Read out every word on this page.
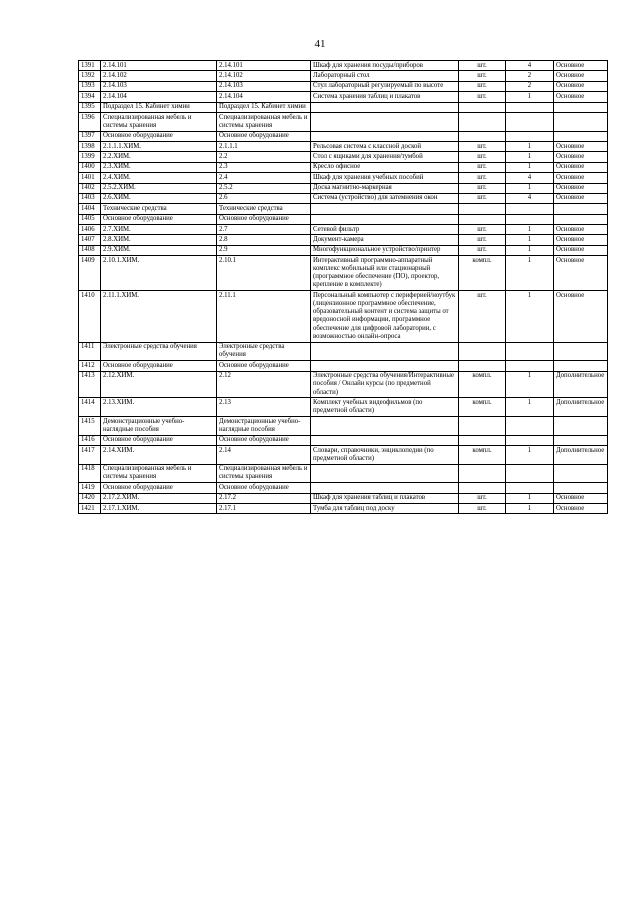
41
1391	2.14.101	2.14.101	Шкаф для хранения посуды/приборов	шт.	4	Основное
1392	2.14.102	2.14.102	Лабораторный стол	шт.	2	Основное
1393	2.14.103	2.14.103	Стул лабораторный регулируемый по высоте	шт.	2	Основное
1394	2.14.104	2.14.104	Система хранения таблиц и плакатов	шт.	1	Основное
1395	Подраздел 15. Кабинет химии	Подраздел 15. Кабинет химии				
1396	Специализированная мебель и системы хранения	Специализированная мебель и системы хранения				
1397	Основное оборудование	Основное оборудование				
1398	2.1.1.1.ХИМ.	2.1.1.1	Рельсовая система с классной доской	шт.	1	Основное
1399	2.2.ХИМ.	2.2	Стол с ящиками для хранения/тумбой	шт.	1	Основное
1400	2.3.ХИМ.	2.3	Кресло офисное	шт.	1	Основное
1401	2.4.ХИМ.	2.4	Шкаф для хранения учебных пособий	шт.	4	Основное
1402	2.5.2.ХИМ.	2.5.2	Доска магнитно-маркерная	шт.	1	Основное
1403	2.6.ХИМ.	2.6	Система (устройство) для затемнения окон	шт.	4	Основное
1404	Технические средства	Технические средства				
1405	Основное оборудование	Основное оборудование				
1406	2.7.ХИМ.	2.7	Сетевой фильтр	шт.	1	Основное
1407	2.8.ХИМ.	2.8	Документ-камера	шт.	1	Основное
1408	2.9.ХИМ.	2.9	Многофункциональное устройство/принтер	шт.	1	Основное
1409	2.10.1.ХИМ.	2.10.1	Интерактивный программно-аппаратный комплекс мобильный или стационарный (программное обеспечение (ПО), проектор, крепление в комплекте)	компл.	1	Основное
1410	2.11.1.ХИМ.	2.11.1	Персональный компьютер с периферией/ноутбук (лицензионное программное обеспечение, образовательный контент и система защиты от вредоносной информации, программное обеспечение для цифровой лаборатории, с возможностью онлайн-опроса	шт.	1	Основное
1411	Электронные средства обучения	Электронные средства обучения				
1412	Основное оборудование	Основное оборудование				
1413	2.12.ХИМ.	2.12	Электронные средства обучения/Интерактивные пособия / Онлайн курсы (по предметной области)	компл.	1	Дополнительное
1414	2.13.ХИМ.	2.13	Комплект учебных видеофильмов (по предметной области)	компл.	1	Дополнительное
1415	Демонстрационные учебно-наглядные пособия	Демонстрационные учебно-наглядные пособия				
1416	Основное оборудование	Основное оборудование				
1417	2.14.ХИМ.	2.14	Словари, справочники, энциклопедии (по предметной области)	компл.	1	Дополнительное
1418	Специализированная мебель и системы хранения	Специализированная мебель и системы хранения				
1419	Основное оборудование	Основное оборудование				
1420	2.17.2.ХИМ.	2.17.2	Шкаф для хранения таблиц и плакатов	шт.	1	Основное
1421	2.17.1.ХИМ.	2.17.1	Тумба для таблиц под доску	шт.	1	Основное
